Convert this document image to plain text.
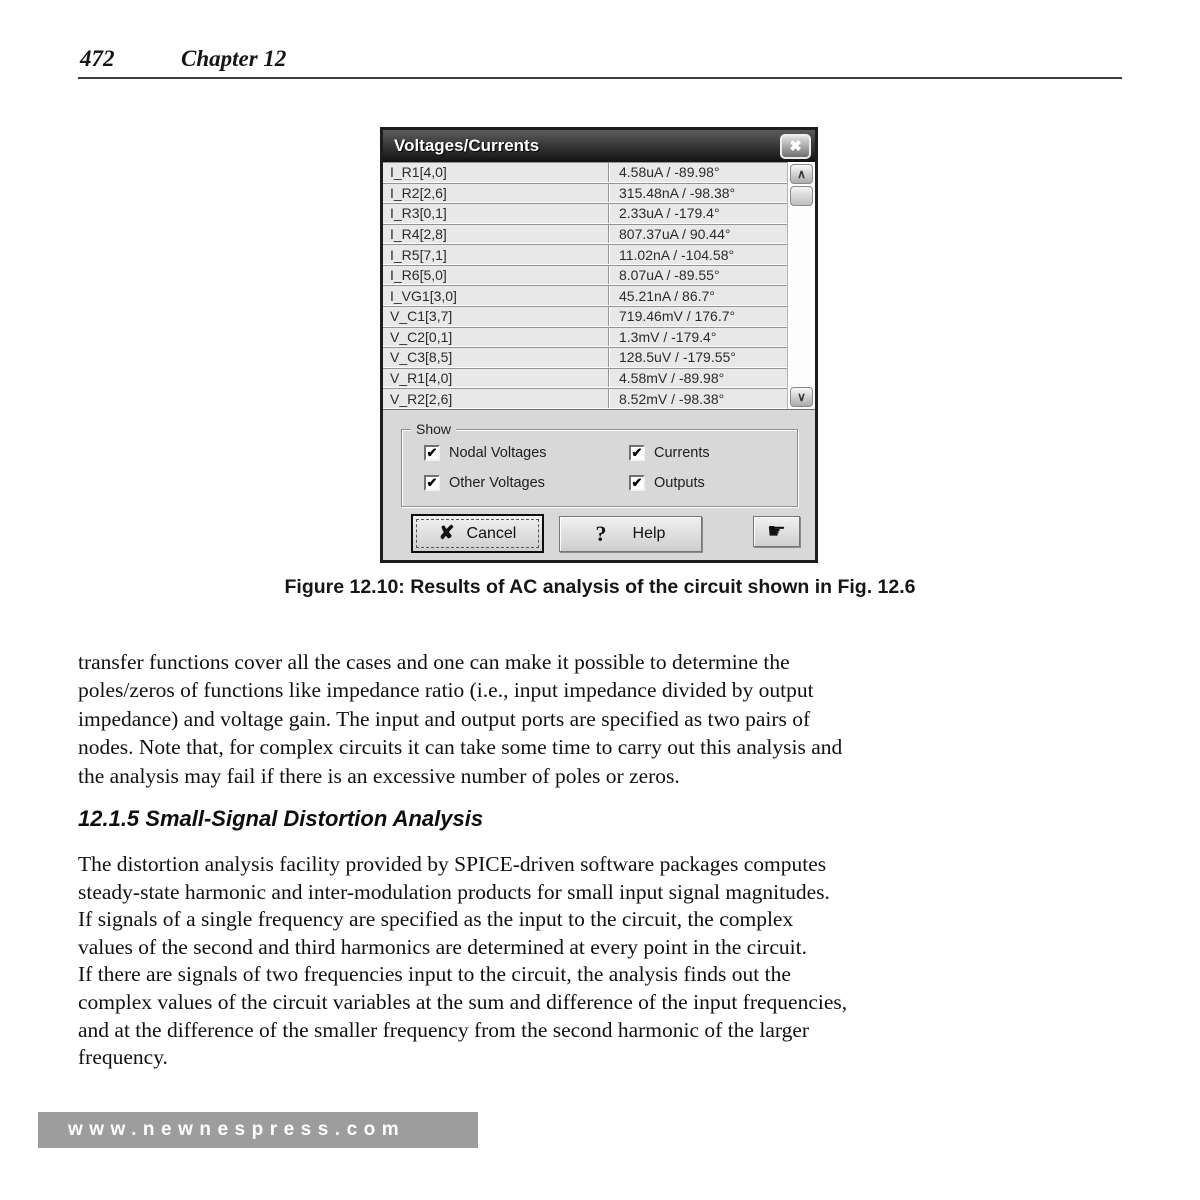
472	Chapter 12
Voltages/Currents	✖
I_R1[4,0]	4.58uA / -89.98°
I_R2[2,6]	315.48nA / -98.38°
I_R3[0,1]	2.33uA / -179.4°
I_R4[2,8]	807.37uA / 90.44°
I_R5[7,1]	11.02nA / -104.58°
I_R6[5,0]	8.07uA / -89.55°
I_VG1[3,0]	45.21nA / 86.7°
V_C1[3,7]	719.46mV / 176.7°
V_C2[0,1]	1.3mV / -179.4°
V_C3[8,5]	128.5uV / -179.55°
V_R1[4,0]	4.58mV / -89.98°
V_R2[2,6]	8.52mV / -98.38°
∧
∨
Show
✔ Nodal Voltages
✔ Other Voltages
✔ Currents
✔ Outputs
✘ Cancel	? Help	☛
Figure 12.10: Results of AC analysis of the circuit shown in Fig. 12.6
transfer functions cover all the cases and one can make it possible to determine the
poles/zeros of functions like impedance ratio (i.e., input impedance divided by output
impedance) and voltage gain. The input and output ports are specified as two pairs of
nodes. Note that, for complex circuits it can take some time to carry out this analysis and
the analysis may fail if there is an excessive number of poles or zeros.
12.1.5 Small-Signal Distortion Analysis
The distortion analysis facility provided by SPICE-driven software packages computes
steady-state harmonic and inter-modulation products for small input signal magnitudes.
If signals of a single frequency are specified as the input to the circuit, the complex
values of the second and third harmonics are determined at every point in the circuit.
If there are signals of two frequencies input to the circuit, the analysis finds out the
complex values of the circuit variables at the sum and difference of the input frequencies,
and at the difference of the smaller frequency from the second harmonic of the larger
frequency.
www.newnespress.com
